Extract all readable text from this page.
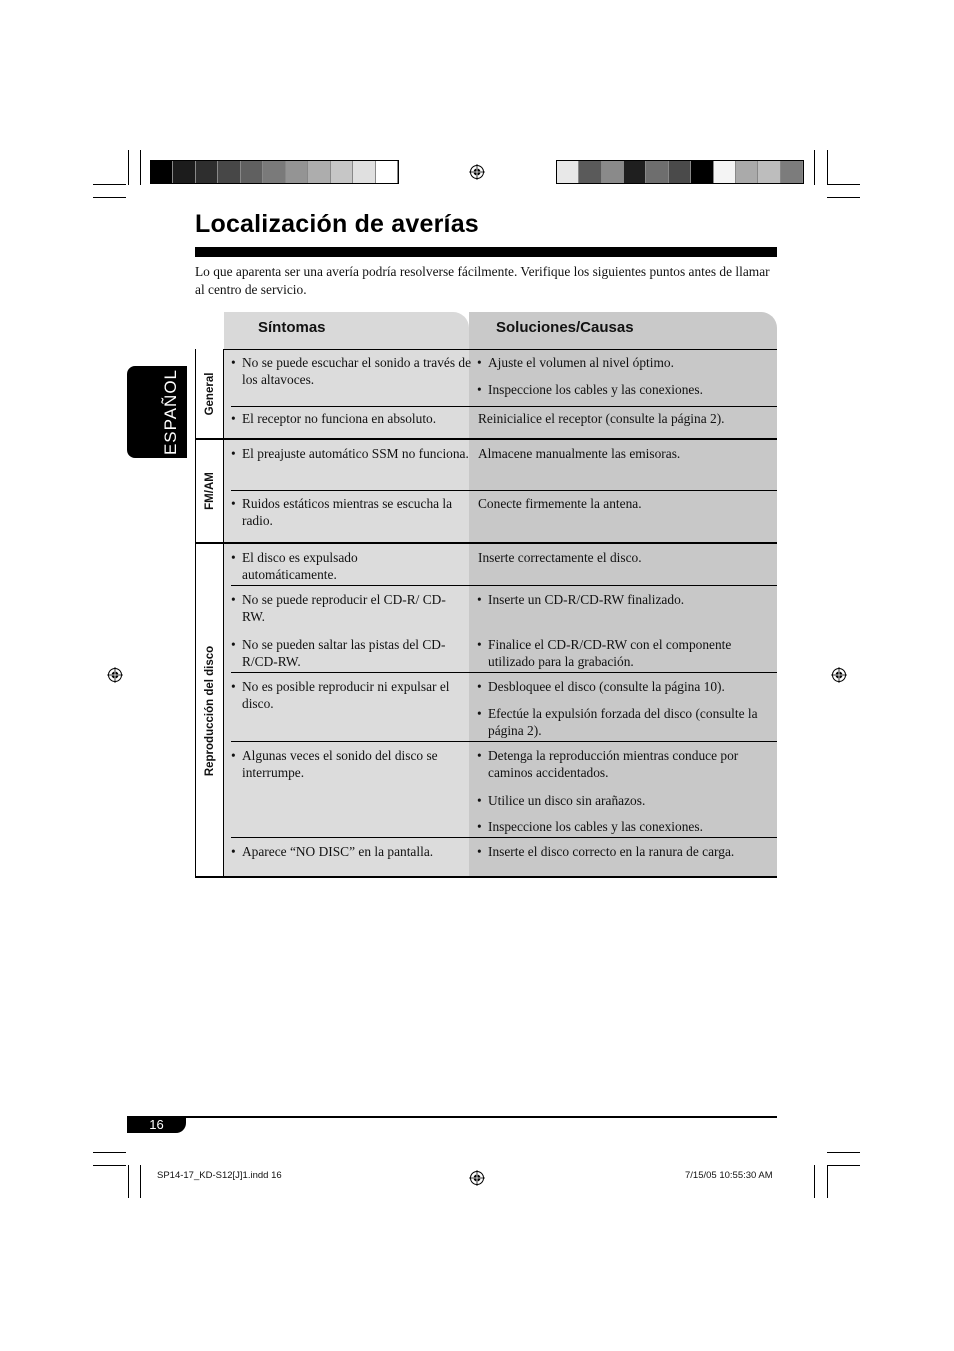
Localización de averías

Lo que aparenta ser una avería podría resolverse fácilmente. Verifique los siguientes puntos antes de llamar al centro de servicio.

ESPAÑOL
Síntomas	Soluciones/Causas
General
FM/AM
Reproducción del disco
• No se puede escuchar el sonido a través de los altavoces.
• Ajuste el volumen al nivel óptimo.
• Inspeccione los cables y las conexiones.
• El receptor no funciona en absoluto.	Reinicialice el receptor (consulte la página 2).
• El preajuste automático SSM no funciona. Almacene manualmente las emisoras.
• Ruidos estáticos mientras se escucha la radio.
Conecte firmemente la antena.
• El disco es expulsado automáticamente.
Inserte correctamente el disco.
• No se puede reproducir el CD-R/ CD-RW.
• Inserte un CD-R/CD-RW finalizado.
• No se pueden saltar las pistas del CD-R/CD-RW.
• Finalice el CD-R/CD-RW con el componente utilizado para la grabación.
• No es posible reproducir ni expulsar el disco.
• Desbloquee el disco (consulte la página 10).
• Efectúe la expulsión forzada del disco (consulte la página 2).
• Algunas veces el sonido del disco se interrumpe.
• Detenga la reproducción mientras conduce por caminos accidentados.
• Utilice un disco sin arañazos.
• Inspeccione los cables y las conexiones.
• Aparece “NO DISC” en la pantalla.
•	Inserte el disco correcto en la ranura de carga.
16
SP14-17_KD-S12[J]1.indd 16	7/15/05 10:55:30 AM
